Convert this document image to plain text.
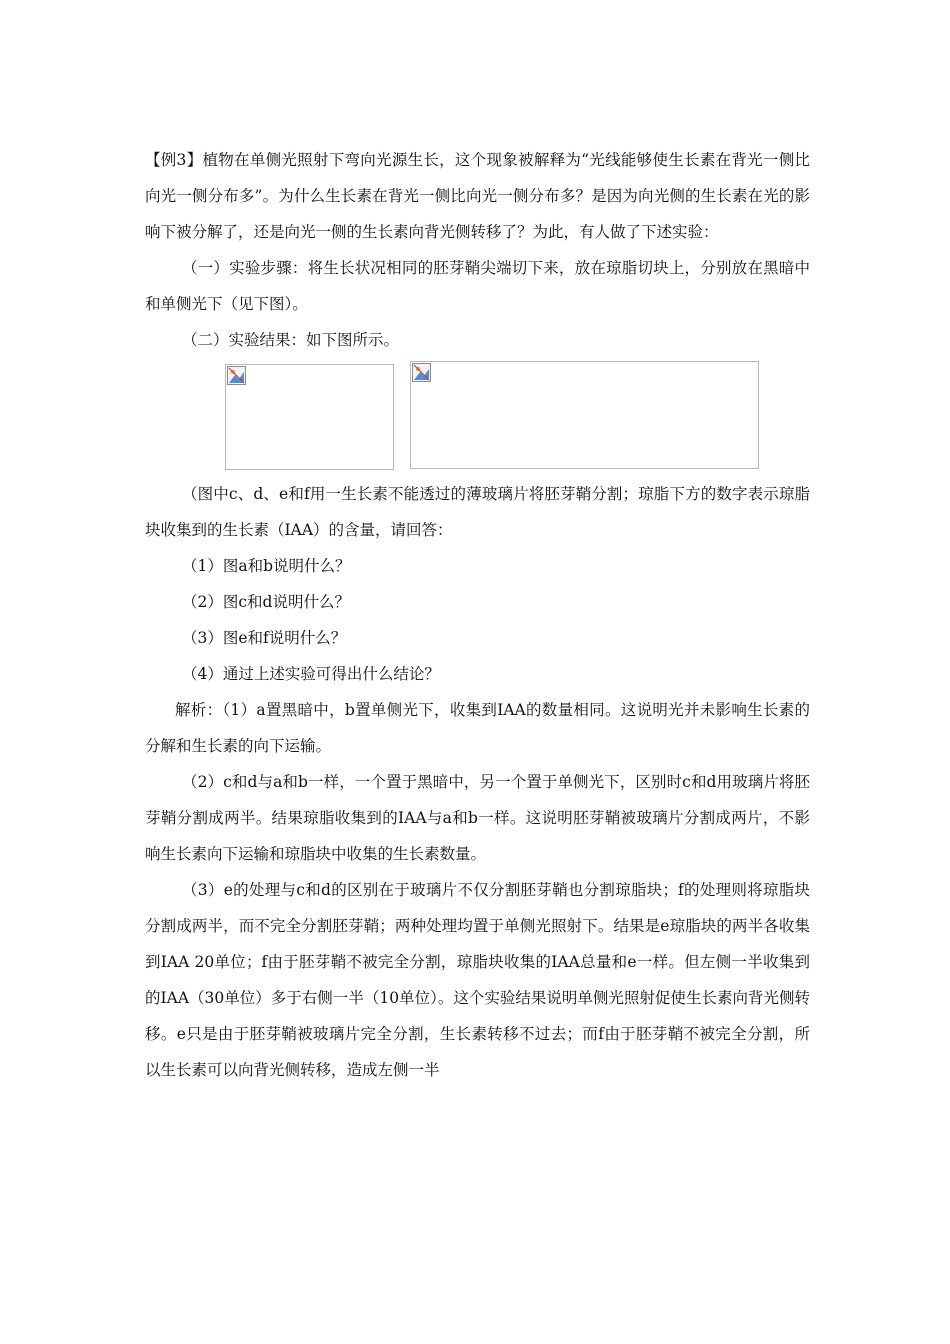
【例3】植物在单侧光照射下弯向光源生长，这个现象被解释为“光线能够使生长素在背光一侧比向光一侧分布多”。为什么生长素在背光一侧比向光一侧分布多？是因为向光侧的生长素在光的影响下被分解了，还是向光一侧的生长素向背光侧转移了？为此，有人做了下述实验：

（一）实验步骤：将生长状况相同的胚芽鞘尖端切下来，放在琼脂切块上，分别放在黑暗中和单侧光下（见下图）。

（二）实验结果：如下图所示。

（图中c、d、e和f用一生长素不能透过的薄玻璃片将胚芽鞘分割；琼脂下方的数字表示琼脂块收集到的生长素（IAA）的含量，请回答：

（1）图a和b说明什么？

（2）图c和d说明什么？

（3）图e和f说明什么？

（4）通过上述实验可得出什么结论？

解析：（1）a置黑暗中，b置单侧光下，收集到IAA的数量相同。这说明光并未影响生长素的分解和生长素的向下运输。

（2）c和d与a和b一样，一个置于黑暗中，另一个置于单侧光下，区别时c和d用玻璃片将胚芽鞘分割成两半。结果琼脂收集到的IAA与a和b一样。这说明胚芽鞘被玻璃片分割成两片，不影响生长素向下运输和琼脂块中收集的生长素数量。

（3）e的处理与c和d的区别在于玻璃片不仅分割胚芽鞘也分割琼脂块；f的处理则将琼脂块分割成两半，而不完全分割胚芽鞘；两种处理均置于单侧光照射下。结果是e琼脂块的两半各收集到IAA 20单位；f由于胚芽鞘不被完全分割，琼脂块收集的IAA总量和e一样。但左侧一半收集到的IAA（30单位）多于右侧一半（10单位）。这个实验结果说明单侧光照射促使生长素向背光侧转移。e只是由于胚芽鞘被玻璃片完全分割，生长素转移不过去；而f由于胚芽鞘不被完全分割，所以生长素可以向背光侧转移，造成左侧一半
